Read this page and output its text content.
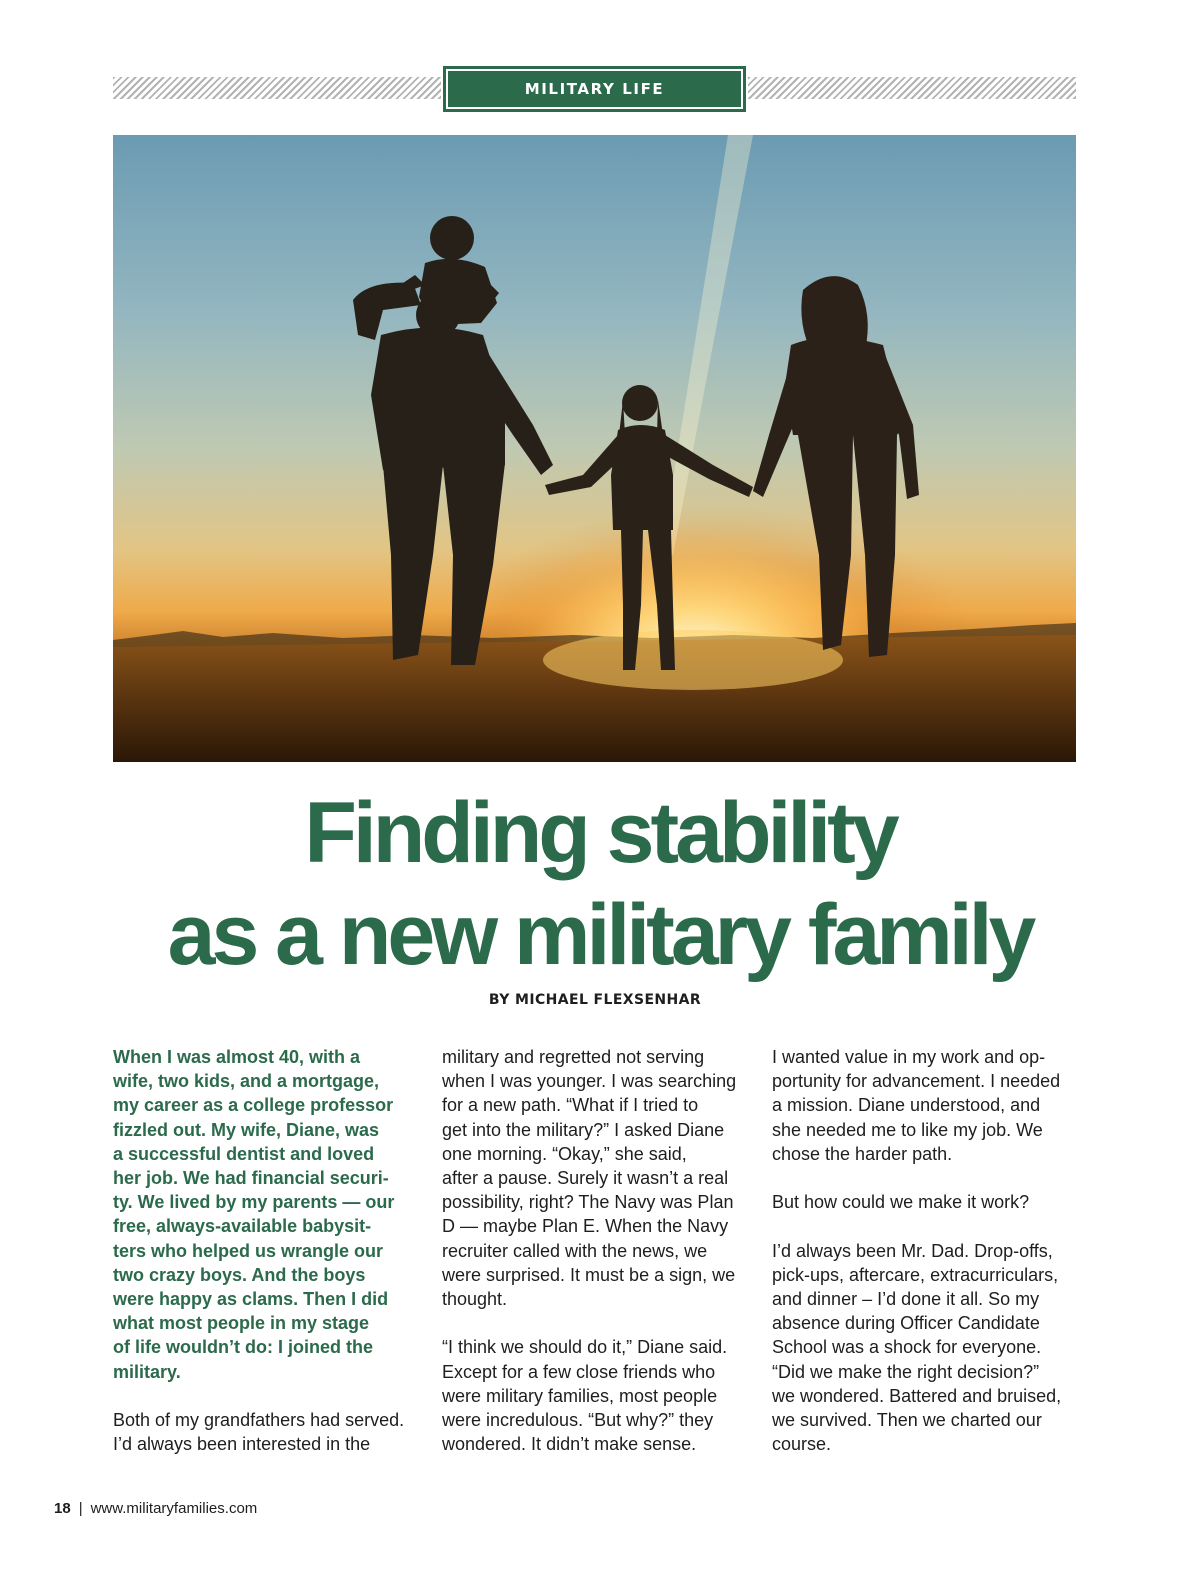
MILITARY LIFE
Finding stability
as a new military family
BY MICHAEL FLEXSENHAR

When I was almost 40, with a
wife, two kids, and a mortgage,
my career as a college professor
fizzled out. My wife, Diane, was
a successful dentist and loved
her job. We had financial securi-
ty. We lived by my parents — our
free, always-available babysit-
ters who helped us wrangle our
two crazy boys. And the boys
were happy as clams. Then I did
what most people in my stage
of life wouldn’t do: I joined the
military.

Both of my grandfathers had served.
I’d always been interested in the

military and regretted not serving
when I was younger. I was searching
for a new path. “What if I tried to
get into the military?” I asked Diane
one morning. “Okay,” she said,
after a pause. Surely it wasn’t a real
possibility, right? The Navy was Plan
D — maybe Plan E. When the Navy
recruiter called with the news, we
were surprised. It must be a sign, we
thought.

“I think we should do it,” Diane said.
Except for a few close friends who
were military families, most people
were incredulous. “But why?” they
wondered. It didn’t make sense.

I wanted value in my work and op-
portunity for advancement. I needed
a mission. Diane understood, and
she needed me to like my job. We
chose the harder path.

But how could we make it work?

I’d always been Mr. Dad. Drop-offs,
pick-ups, aftercare, extracurriculars,
and dinner – I’d done it all. So my
absence during Officer Candidate
School was a shock for everyone.
“Did we make the right decision?”
we wondered. Battered and bruised,
we survived. Then we charted our
course.

18 | www.militaryfamilies.com
